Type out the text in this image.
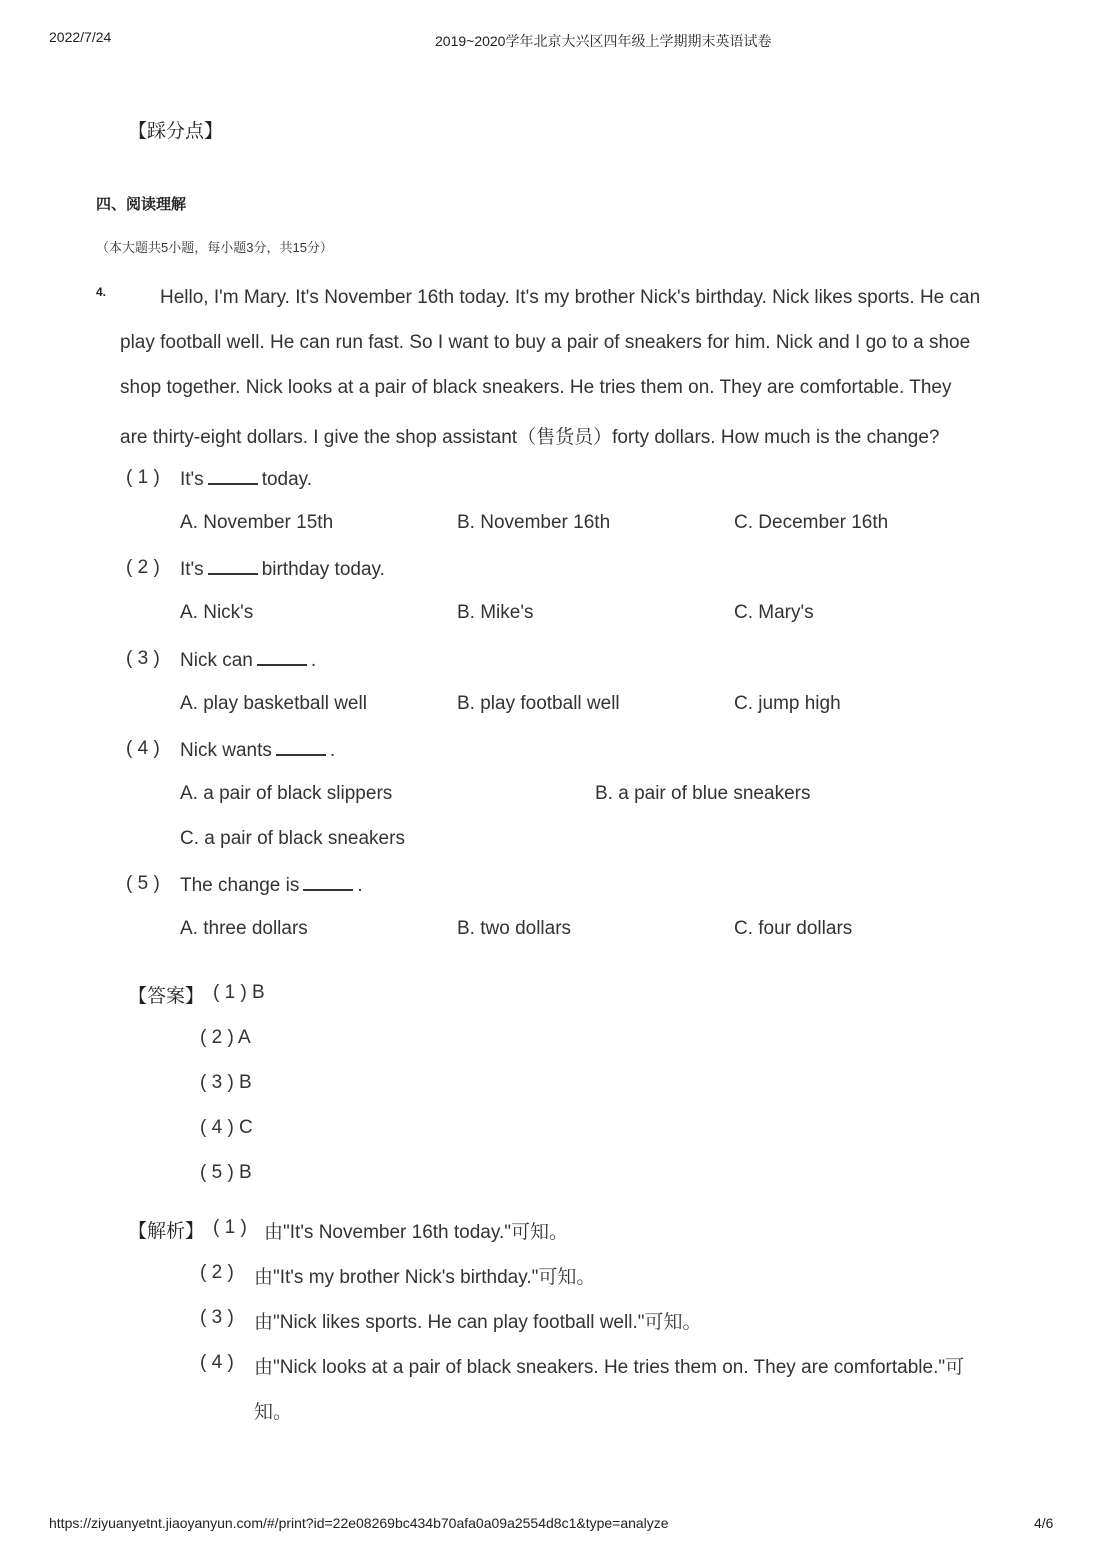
2022/7/24	2019~2020学年北京大兴区四年级上学期期末英语试卷
【踩分点】
四、阅读理解
（本大题共5小题，每小题3分，共15分）
4.	Hello, I'm Mary. It's November 16th today. It's my brother Nick's birthday. Nick likes sports. He can
play football well. He can run fast. So I want to buy a pair of sneakers for him. Nick and I go to a shoe
shop together. Nick looks at a pair of black sneakers. He tries them on. They are comfortable. They
are thirty-eight dollars. I give the shop assistant（售货员）forty dollars. How much is the change?
( 1 ) It's	today.
A. November 15th	B. November 16th	C. December 16th
( 2 ) It's	birthday today.
A. Nick's	B. Mike's	C. Mary's
( 3 ) Nick can	.
A. play basketball well	B. play football well	C. jump high
( 4 ) Nick wants	.
A. a pair of black slippers	B. a pair of blue sneakers
C. a pair of black sneakers
( 5 ) The change is	.
A. three dollars	B. two dollars	C. four dollars
【答案】 ( 1 ) B
( 2 ) A
( 3 ) B
( 4 ) C
( 5 ) B
【解析】 ( 1 ) 由"It's November 16th today."可知。
( 2 ) 由"It's my brother Nick's birthday."可知。
( 3 ) 由"Nick likes sports. He can play football well."可知。
( 4 ) 由"Nick looks at a pair of black sneakers. He tries them on. They are comfortable."可
知。
https://ziyuanyetnt.jiaoyanyun.com/#/print?id=22e08269bc434b70afa0a09a2554d8c1&type=analyze	4/6
